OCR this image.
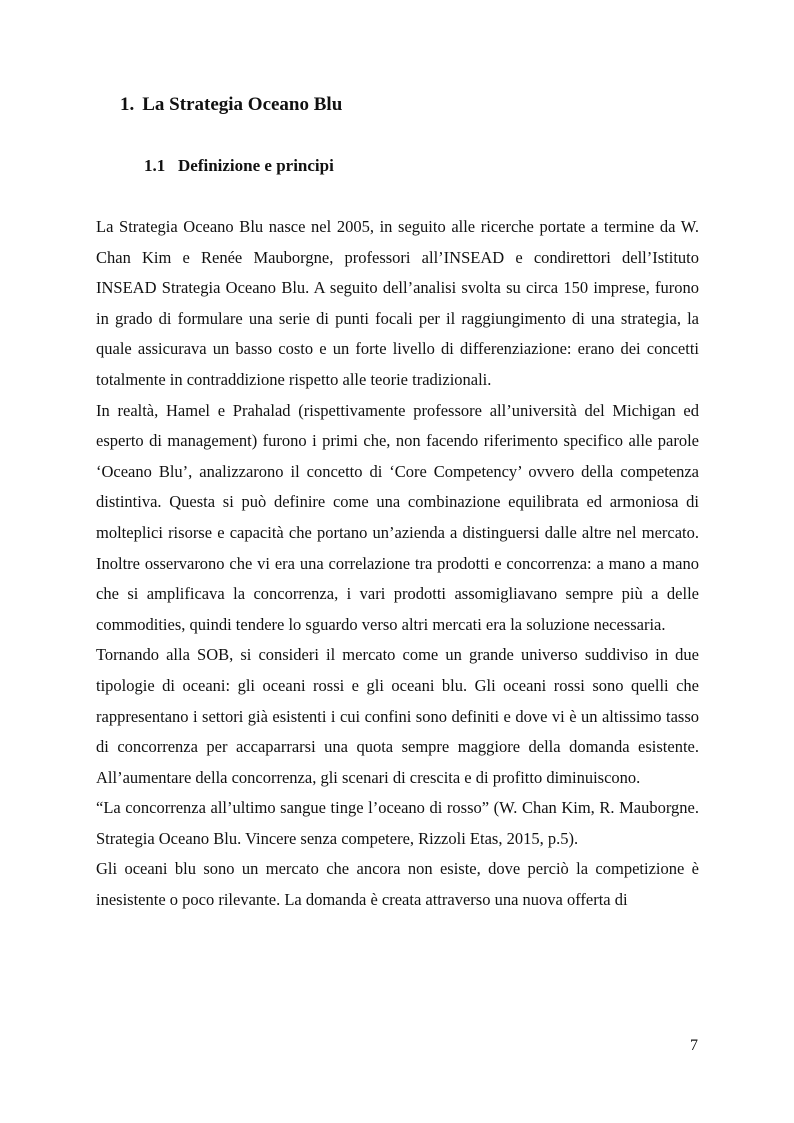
1. La Strategia Oceano Blu
1.1 Definizione e principi

La Strategia Oceano Blu nasce nel 2005, in seguito alle ricerche portate a termine da W. Chan Kim e Renée Mauborgne, professori all’INSEAD e condirettori dell’Istituto INSEAD Strategia Oceano Blu. A seguito dell’analisi svolta su circa 150 imprese, furono in grado di formulare una serie di punti focali per il raggiungimento di una strategia, la quale assicurava un basso costo e un forte livello di differenziazione: erano dei concetti totalmente in contraddizione rispetto alle teorie tradizionali.

In realtà, Hamel e Prahalad (rispettivamente professore all’università del Michigan ed esperto di management) furono i primi che, non facendo riferimento specifico alle parole ‘Oceano Blu’, analizzarono il concetto di ‘Core Competency’ ovvero della competenza distintiva. Questa si può definire come una combinazione equilibrata ed armoniosa di molteplici risorse e capacità che portano un’azienda a distinguersi dalle altre nel mercato. Inoltre osservarono che vi era una correlazione tra prodotti e concorrenza: a mano a mano che si amplificava la concorrenza, i vari prodotti assomigliavano sempre più a delle commodities, quindi tendere lo sguardo verso altri mercati era la soluzione necessaria.

Tornando alla SOB, si consideri il mercato come un grande universo suddiviso in due tipologie di oceani: gli oceani rossi e gli oceani blu. Gli oceani rossi sono quelli che rappresentano i settori già esistenti i cui confini sono definiti e dove vi è un altissimo tasso di concorrenza per accaparrarsi una quota sempre maggiore della domanda esistente. All’aumentare della concorrenza, gli scenari di crescita e di profitto diminuiscono.

“La concorrenza all’ultimo sangue tinge l’oceano di rosso” (W. Chan Kim, R. Mauborgne. Strategia Oceano Blu. Vincere senza competere, Rizzoli Etas, 2015, p.5).

Gli oceani blu sono un mercato che ancora non esiste, dove perciò la competizione è inesistente o poco rilevante. La domanda è creata attraverso una nuova offerta di

7
